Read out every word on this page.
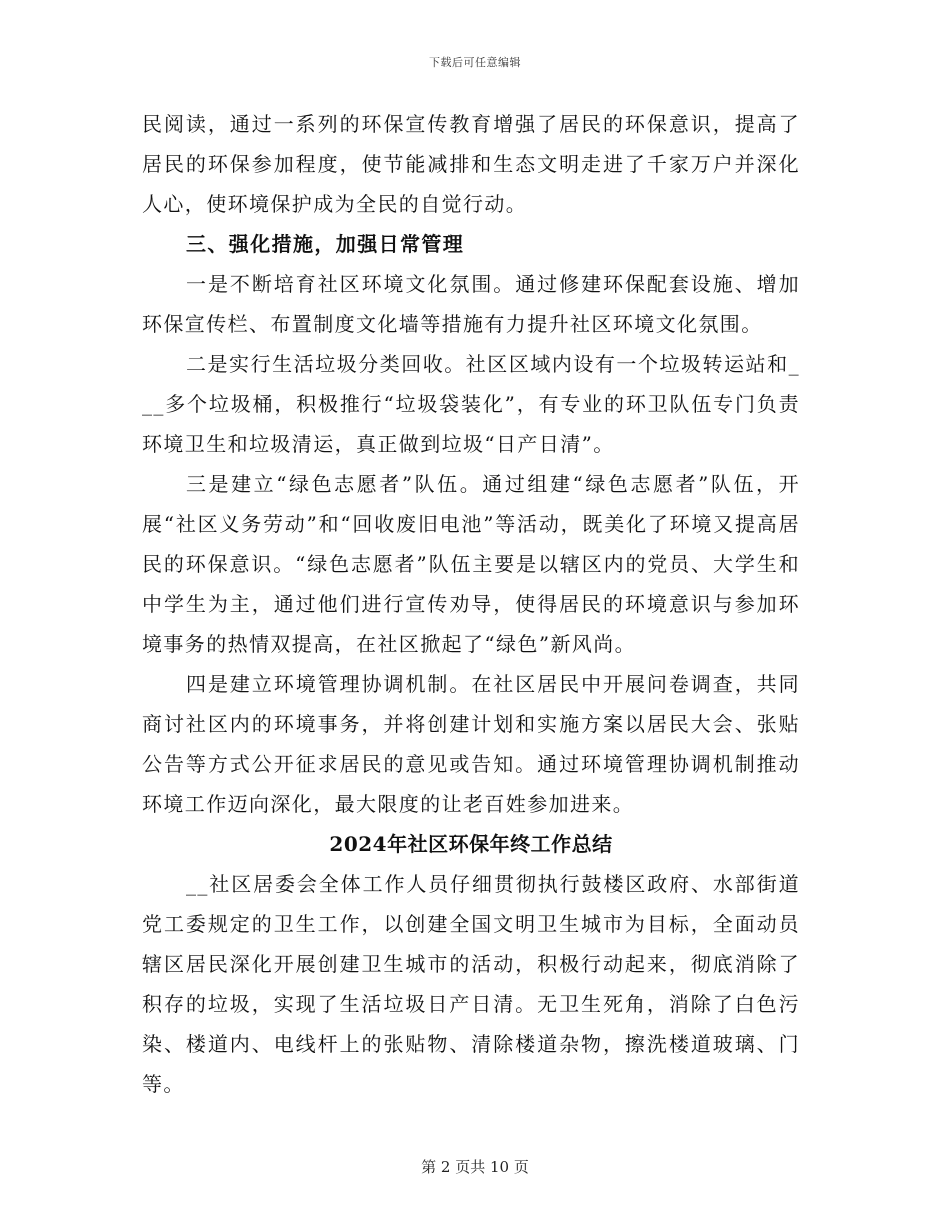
下载后可任意编辑

民阅读，通过一系列的环保宣传教育增强了居民的环保意识，提高了居民的环保参加程度，使节能减排和生态文明走进了千家万户并深化人心，使环境保护成为全民的自觉行动。

三、强化措施，加强日常管理

一是不断培育社区环境文化氛围。通过修建环保配套设施、增加环保宣传栏、布置制度文化墙等措施有力提升社区环境文化氛围。

二是实行生活垃圾分类回收。社区区域内设有一个垃圾转运站和___多个垃圾桶，积极推行“垃圾袋装化”，有专业的环卫队伍专门负责环境卫生和垃圾清运，真正做到垃圾“日产日清”。

三是建立“绿色志愿者”队伍。通过组建“绿色志愿者”队伍，开展“社区义务劳动”和“回收废旧电池”等活动，既美化了环境又提高居民的环保意识。“绿色志愿者”队伍主要是以辖区内的党员、大学生和中学生为主，通过他们进行宣传劝导，使得居民的环境意识与参加环境事务的热情双提高，在社区掀起了“绿色”新风尚。

四是建立环境管理协调机制。在社区居民中开展问卷调查，共同商讨社区内的环境事务，并将创建计划和实施方案以居民大会、张贴公告等方式公开征求居民的意见或告知。通过环境管理协调机制推动环境工作迈向深化，最大限度的让老百姓参加进来。

2024年社区环保年终工作总结

__社区居委会全体工作人员仔细贯彻执行鼓楼区政府、水部街道党工委规定的卫生工作，以创建全国文明卫生城市为目标，全面动员辖区居民深化开展创建卫生城市的活动，积极行动起来，彻底消除了积存的垃圾，实现了生活垃圾日产日清。无卫生死角，消除了白色污染、楼道内、电线杆上的张贴物、清除楼道杂物，擦洗楼道玻璃、门等。

第 2 页共 10 页
